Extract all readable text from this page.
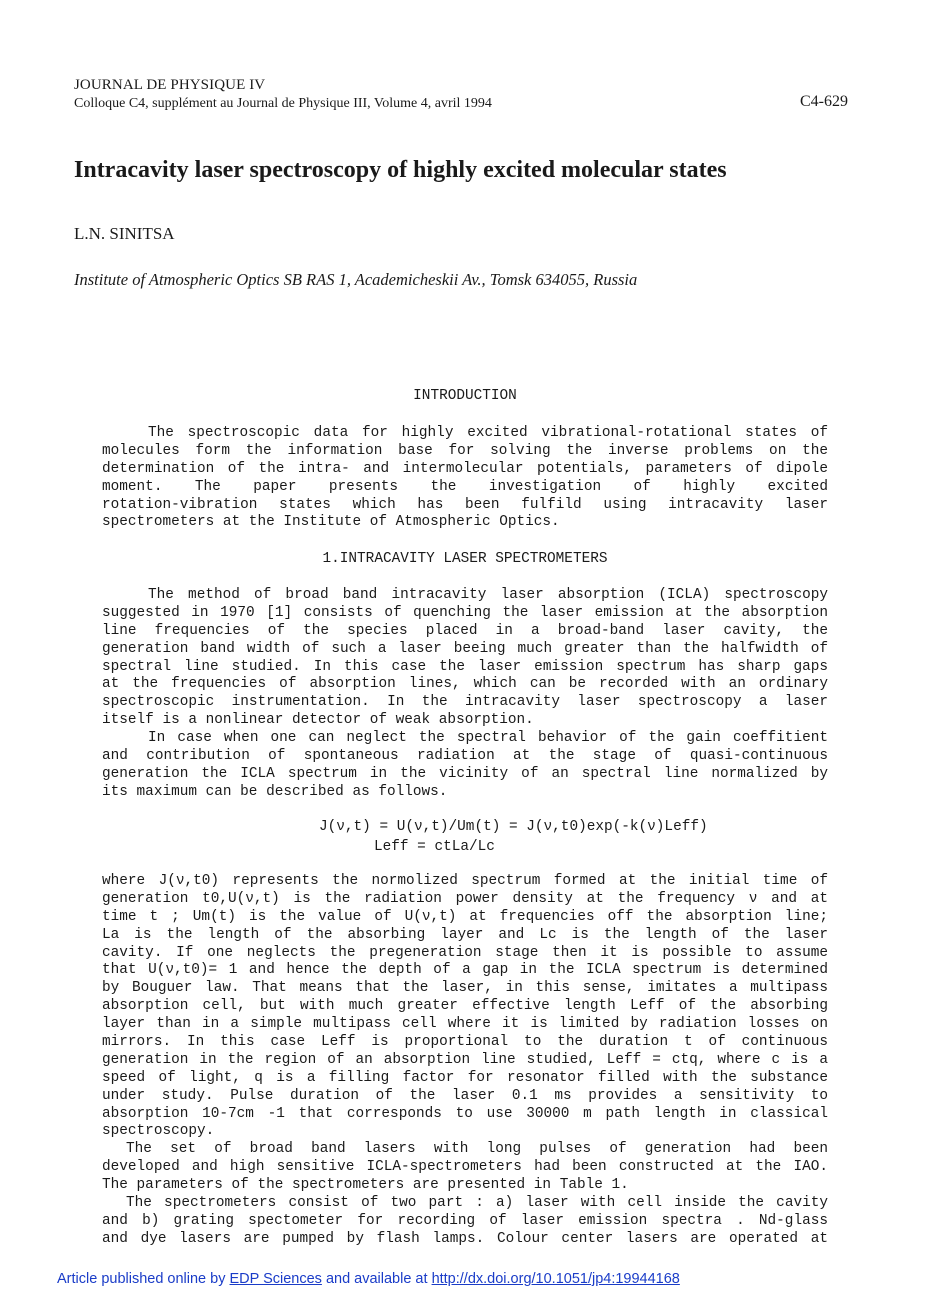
JOURNAL DE PHYSIQUE IV
Colloque C4, supplément au Journal de Physique III, Volume 4, avril 1994	C4-629
Intracavity laser spectroscopy of highly excited molecular states
L.N. SINITSA
Institute of Atmospheric Optics SB RAS 1, Academicheskii Av., Tomsk 634055, Russia
INTRODUCTION
The spectroscopic data for highly excited vibrational-rotational states of
molecules form the information base for solving the inverse problems on the
determination of the intra- and intermolecular potentials, parameters of dipole
moment. The paper presents the investigation of highly excited
rotation-vibration states which has been fulfild using intracavity laser
spectrometers at the Institute of Atmospheric Optics.
1.INTRACAVITY LASER SPECTROMETERS
The method of broad band intracavity laser absorption (ICLA) spectroscopy
suggested in 1970 [1] consists of quenching the laser emission at the absorption
line frequencies of the species placed in a broad-band laser cavity, the
generation band width of such a laser beeing much greater than the halfwidth of
spectral line studied. In this case the laser emission spectrum has sharp gaps
at the frequencies of absorption lines, which can be recorded with an ordinary
spectroscopic instrumentation. In the intracavity laser spectroscopy a laser
itself is a nonlinear detector of weak absorption.
In case when one can neglect the spectral behavior of the gain coeffitient
and contribution of spontaneous radiation at the stage of quasi-continuous
generation the ICLA spectrum in the vicinity of an spectral line normalized by
its maximum can be described as follows.
J(ν,t) = U(ν,t)/Um(t) = J(ν,t0)exp(-k(ν)Leff)
Leff = ctLa/Lc
where J(ν,t0) represents the normolized spectrum formed at the initial time of
generation t0,U(ν,t) is the radiation power density at the frequency ν and at
time t ; Um(t) is the value of U(ν,t) at frequencies off the absorption line;
La is the length of the absorbing layer and Lc is the length of the laser
cavity. If one neglects the pregeneration stage then it is possible to assume
that U(ν,t0)= 1 and hence the depth of a gap in the ICLA spectrum is determined
by Bouguer law. That means that the laser, in this sense, imitates a multipass
absorption cell, but with much greater effective length Leff of the absorbing
layer than in a simple multipass cell where it is limited by radiation losses on
mirrors. In this case Leff is proportional to the duration t of continuous
generation in the region of an absorption line studied, Leff = ctq, where c is a
speed of light, q is a filling factor for resonator filled with the substance
under study. Pulse duration of the laser 0.1 ms provides a sensitivity to
absorption 10-7cm -1 that corresponds to use 30000 m path length in classical
spectroscopy.
The set of broad band lasers with long pulses of generation had been
developed and high sensitive ICLA-spectrometers had been constructed at the IAO.
The parameters of the spectrometers are presented in Table 1.
The spectrometers consist of two part : a) laser with cell inside the cavity
and b) grating spectometer for recording of laser emission spectra . Nd-glass
and dye lasers are pumped by flash lamps. Colour center lasers are operated at
Article published online by EDP Sciences and available at http://dx.doi.org/10.1051/jp4:19944168
